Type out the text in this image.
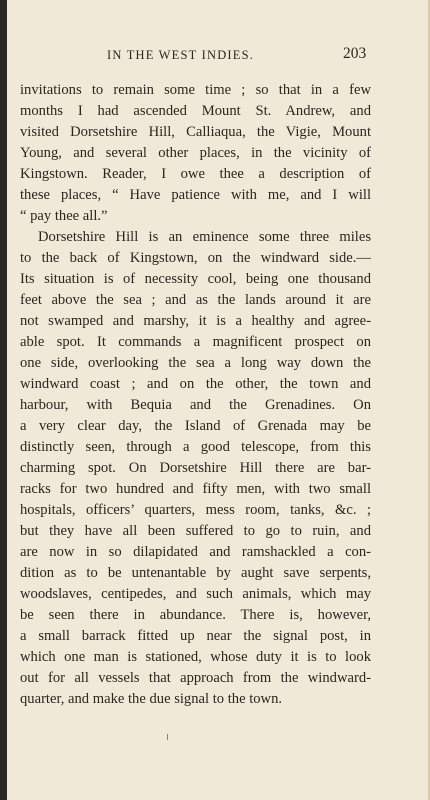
IN THE WEST INDIES.	203
invitations to remain some time ; so that in a few
months I had ascended Mount St. Andrew, and
visited Dorsetshire Hill, Calliaqua, the Vigie, Mount
Young, and several other places, in the vicinity of
Kingstown. Reader, I owe thee a description of
these places, “ Have patience with me, and I will
“ pay thee all.”
Dorsetshire Hill is an eminence some three miles
to the back of Kingstown, on the windward side.—
Its situation is of necessity cool, being one thousand
feet above the sea ; and as the lands around it are
not swamped and marshy, it is a healthy and agree-
able spot. It commands a magnificent prospect on
one side, overlooking the sea a long way down the
windward coast ; and on the other, the town and
harbour, with Bequia and the Grenadines. On
a very clear day, the Island of Grenada may be
distinctly seen, through a good telescope, from this
charming spot. On Dorsetshire Hill there are bar-
racks for two hundred and fifty men, with two small
hospitals, officers’ quarters, mess room, tanks, &c. ;
but they have all been suffered to go to ruin, and
are now in so dilapidated and ramshackled a con-
dition as to be untenantable by aught save serpents,
woodslaves, centipedes, and such animals, which may
be seen there in abundance. There is, however,
a small barrack fitted up near the signal post, in
which one man is stationed, whose duty it is to look
out for all vessels that approach from the windward-
quarter, and make the due signal to the town.
